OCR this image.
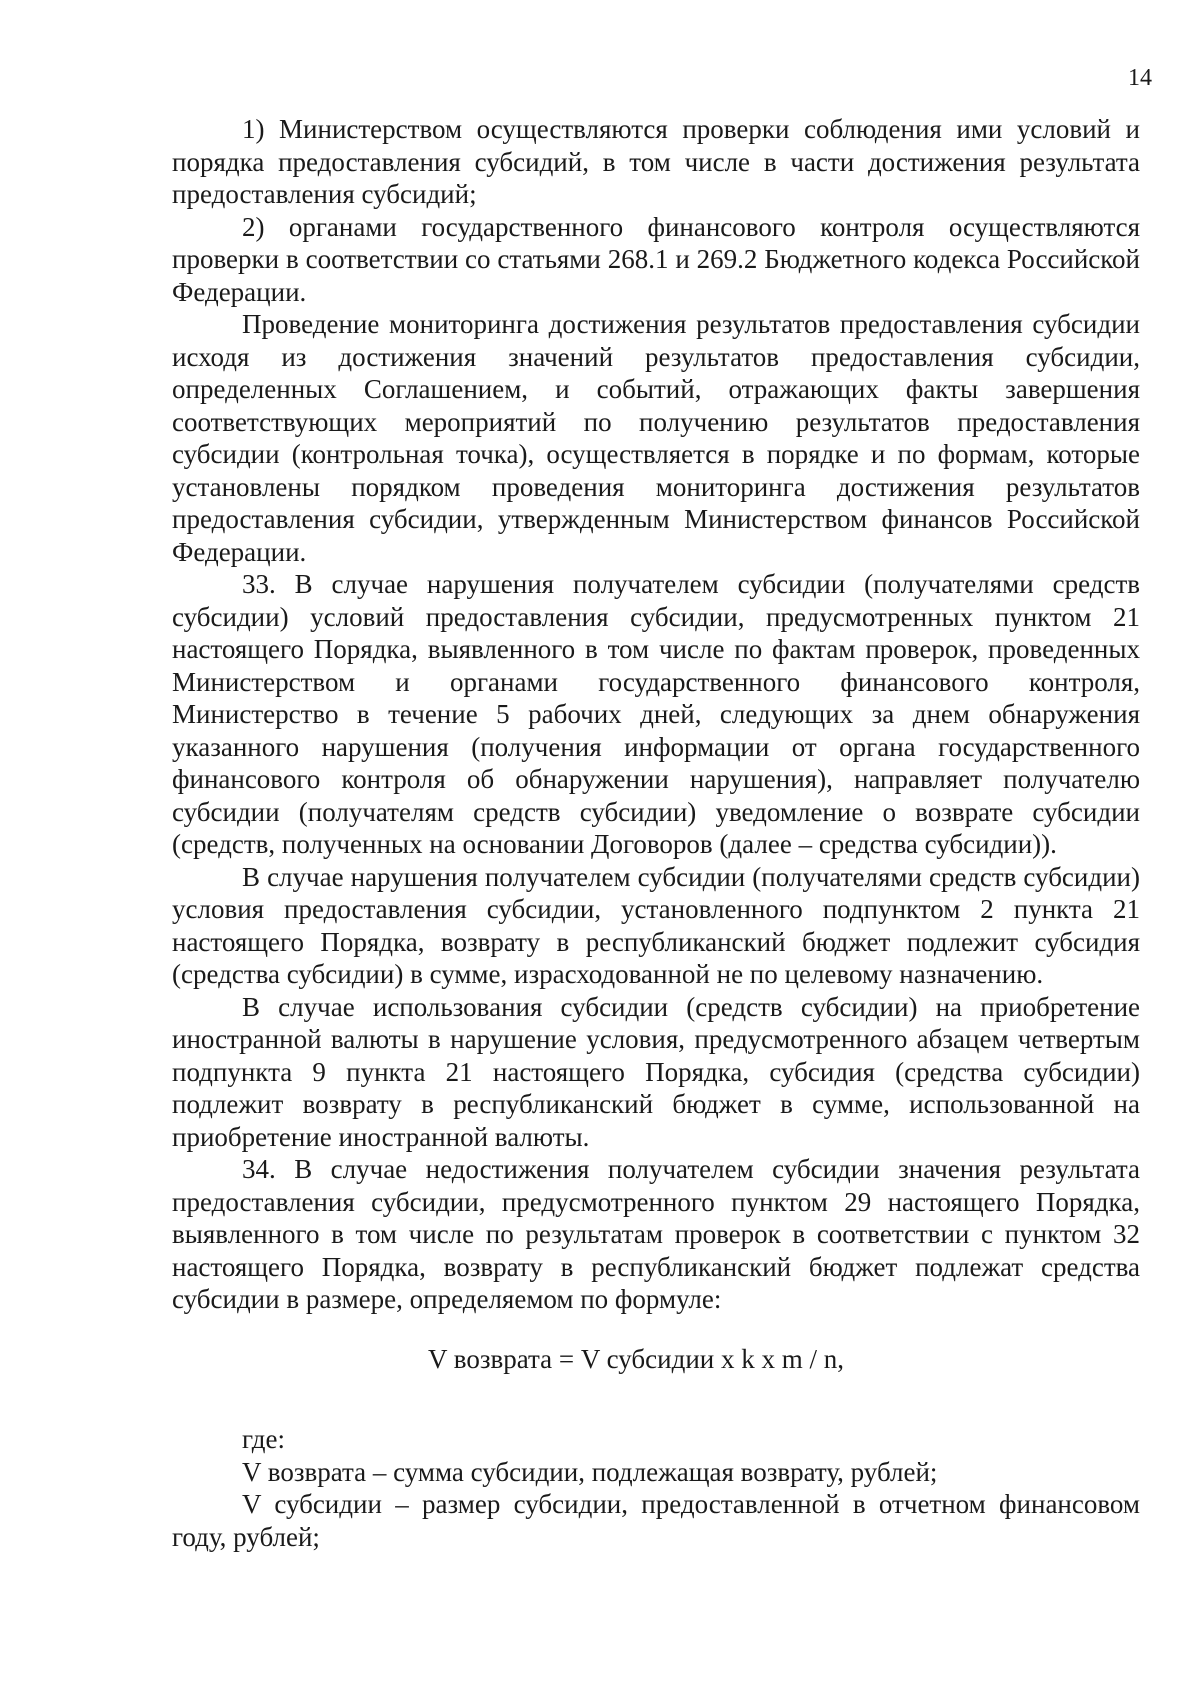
14

1) Министерством осуществляются проверки соблюдения ими условий и порядка предоставления субсидий, в том числе в части достижения результата предоставления субсидий;

2) органами государственного финансового контроля осуществляются проверки в соответствии со статьями 268.1 и 269.2 Бюджетного кодекса Российской Федерации.

Проведение мониторинга достижения результатов предоставления субсидии исходя из достижения значений результатов предоставления субсидии, определенных Соглашением, и событий, отражающих факты завершения соответствующих мероприятий по получению результатов предоставления субсидии (контрольная точка), осуществляется в порядке и по формам, которые установлены порядком проведения мониторинга достижения результатов предоставления субсидии, утвержденным Министерством финансов Российской Федерации.

33. В случае нарушения получателем субсидии (получателями средств субсидии) условий предоставления субсидии, предусмотренных пунктом 21 настоящего Порядка, выявленного в том числе по фактам проверок, проведенных Министерством и органами государственного финансового контроля, Министерство в течение 5 рабочих дней, следующих за днем обнаружения указанного нарушения (получения информации от органа государственного финансового контроля об обнаружении нарушения), направляет получателю субсидии (получателям средств субсидии) уведомление о возврате субсидии (средств, полученных на основании Договоров (далее – средства субсидии)).

В случае нарушения получателем субсидии (получателями средств субсидии) условия предоставления субсидии, установленного подпунктом 2 пункта 21 настоящего Порядка, возврату в республиканский бюджет подлежит субсидия (средства субсидии) в сумме, израсходованной не по целевому назначению.

В случае использования субсидии (средств субсидии) на приобретение иностранной валюты в нарушение условия, предусмотренного абзацем четвертым подпункта 9 пункта 21 настоящего Порядка, субсидия (средства субсидии) подлежит возврату в республиканский бюджет в сумме, использованной на приобретение иностранной валюты.

34. В случае недостижения получателем субсидии значения результата предоставления субсидии, предусмотренного пунктом 29 настоящего Порядка, выявленного в том числе по результатам проверок в соответствии с пунктом 32 настоящего Порядка, возврату в республиканский бюджет подлежат средства субсидии в размере, определяемом по формуле:

V возврата = V субсидии x k x m / n,

где:

V возврата – сумма субсидии, подлежащая возврату, рублей;

V субсидии – размер субсидии, предоставленной в отчетном финансовом году, рублей;
